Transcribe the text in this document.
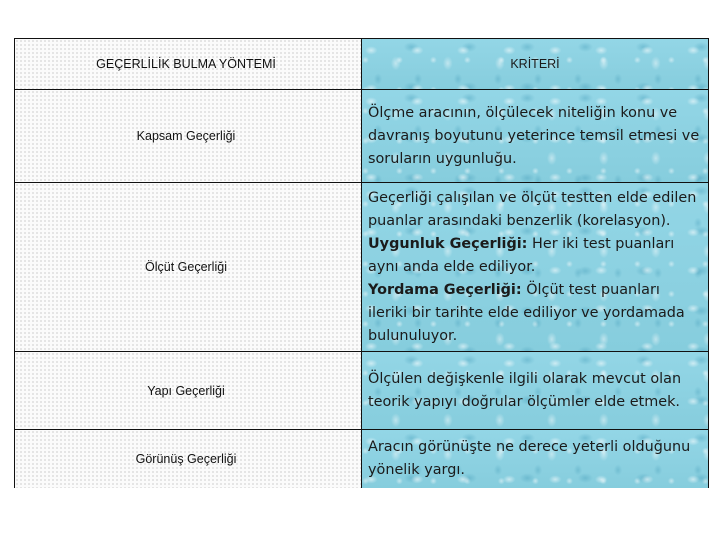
GEÇERLİLİK BULMA YÖNTEMİ	KRİTERİ
Kapsam Geçerliği

Ölçme aracının, ölçülecek niteliğin konu ve davranış boyutunu yeterince temsil etmesi ve soruların uygunluğu.

Ölçüt Geçerliği

Geçerliği çalışılan ve ölçüt testten elde edilen puanlar arasındaki benzerlik (korelasyon).
Uygunluk Geçerliği: Her iki test puanları aynı anda elde ediliyor.
Yordama Geçerliği: Ölçüt test puanları ileriki bir tarihte elde ediliyor ve yordamada bulunuluyor.

Yapı Geçerliği

Ölçülen değişkenle ilgili olarak mevcut olan teorik yapıyı doğrular ölçümler elde etmek.

Görünüş Geçerliği

Aracın görünüşte ne derece yeterli olduğunu yönelik yargı.
